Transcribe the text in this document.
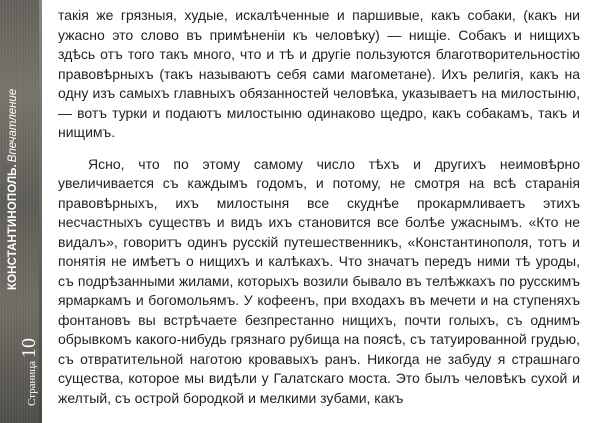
КОНСТАНТИНОПОЛЬ.
Впечатление
Страница
10

такія же грязныя, худые, искалѣченные и паршивые, какъ собаки, (какъ ни ужасно это слово въ примѣненіи къ человѣку) — нищіе. Собакъ и нищихъ здѣсь отъ того такъ много, что и тѣ и другіе пользуются благотворительностію правовѣрныхъ (такъ называютъ себя сами магометане). Ихъ религія, какъ на одну изъ самыхъ главныхъ обязанностей человѣка, указываетъ на милостыню, — вотъ турки и подаютъ милостыню одинаково щедро, какъ собакамъ, такъ и нищимъ.

Ясно, что по этому самому число тѣхъ и другихъ неимовѣрно увеличивается съ каждымъ годомъ, и потому, не смотря на всѣ старанія правовѣрныхъ, ихъ милостыня все скуднѣе прокармливаетъ этихъ несчастныхъ существъ и видъ ихъ становится все болѣе ужаснымъ. «Кто не видалъ», говоритъ одинъ русскій путешественникъ, «Константинополя, тотъ и понятія не имѣетъ о нищихъ и калѣкахъ. Что значатъ передъ ними тѣ уроды, съ подрѣзанными жилами, которыхъ возили бывало въ телѣжкахъ по русскимъ ярмаркамъ и богомольямъ. У кофеенъ, при входахъ въ мечети и на ступеняхъ фонтановъ вы встрѣчаете безпрестанно нищихъ, почти голыхъ, съ однимъ обрывкомъ какого-нибудь грязнаго рубища на поясѣ, съ татуированной грудью, съ отвратительной наготою кровавыхъ ранъ. Никогда не забуду я страшнаго существа, которое мы видѣли у Галатскаго моста. Это былъ человѣкъ сухой и желтый, съ острой бородкой и мелкими зубами, какъ
